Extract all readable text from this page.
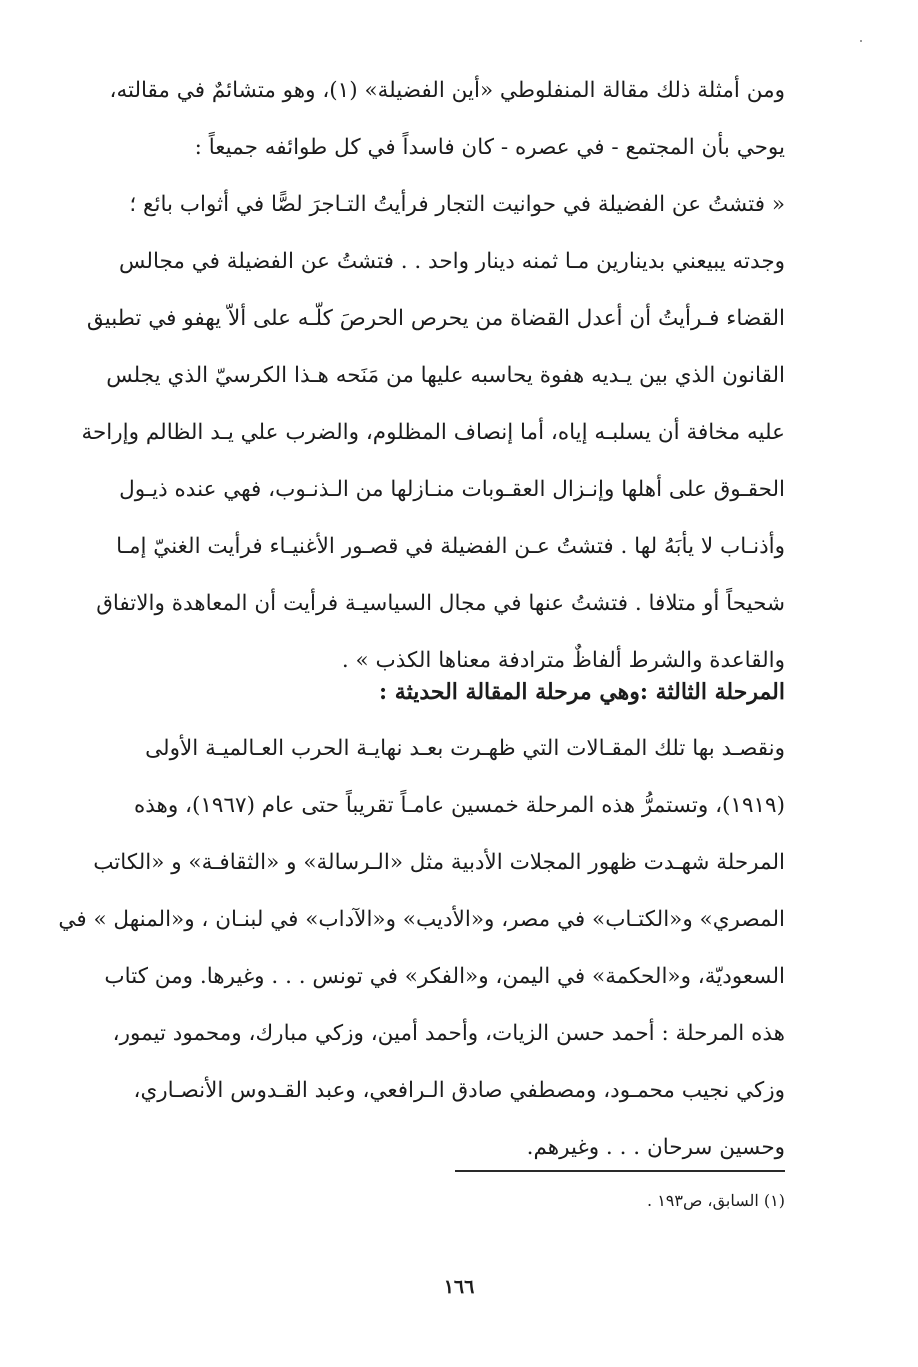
ومن أمثلة ذلك مقالة المنفلوطي «أين الفضيلة» (١)، وهو متشائمٌ في مقالته،
يوحي بأن المجتمع - في عصره - كان فاسداً في كل طوائفه جميعاً :
« فتشتُ عن الفضيلة في حوانيت التجار فرأيتُ التـاجرَ لصًّا في أثواب بائع ؛
وجدته يبيعني بدينارين مـا ثمنه دينار واحد . . فتشتُ عن الفضيلة في مجالس
القضاء فـرأيتُ أن أعدل القضاة من يحرص الحرصَ كلّـه على ألاّ يهفو في تطبيق
القانون الذي بين يـديه هفوة يحاسبه عليها من مَنَحه هـذا الكرسيّ الذي يجلس
عليه مخافة أن يسلبـه إياه، أما إنصاف المظلوم، والضرب علي يـد الظالم وإراحة
الحقـوق على أهلها وإنـزال العقـوبات منـازلها من الـذنـوب، فهي عنده ذيـول
وأذنـاب لا يأبَهُ لها . فتشتُ عـن الفضيلة في قصـور الأغنيـاء فرأيت الغنيّ إمـا
شحيحاً أو متلافا . فتشتُ عنها في مجال السياسيـة فرأيت أن المعاهدة والاتفاق
والقاعدة والشرط ألفاظٌ مترادفة معناها الكذب » .
المرحلة الثالثة :وهي مرحلة المقالة الحديثة :
ونقصـد بها تلك المقـالات التي ظهـرت بعـد نهايـة الحرب العـالميـة الأولى
(١٩١٩)، وتستمرُّ هذه المرحلة خمسين عامـاً تقريباً حتى عام (١٩٦٧)، وهذه
المرحلة شهـدت ظهور المجلات الأدبية مثل «الـرسالة» و «الثقافـة» و «الكاتب
المصري» و«الكتـاب» في مصر، و«الأديب» و«الآداب» في لبنـان ، و«المنهل » في
السعوديّة، و«الحكمة» في اليمن، و«الفكر» في تونس . . . وغيرها. ومن كتاب
هذه المرحلة : أحمد حسن الزيات، وأحمد أمين، وزكي مبارك، ومحمود تيمور،
وزكي نجيب محمـود، ومصطفي صادق الـرافعي، وعبد القـدوس الأنصـاري،
وحسين سرحان . . . وغيرهم.
(١) السابق، ص١٩٣ .
١٦٦
